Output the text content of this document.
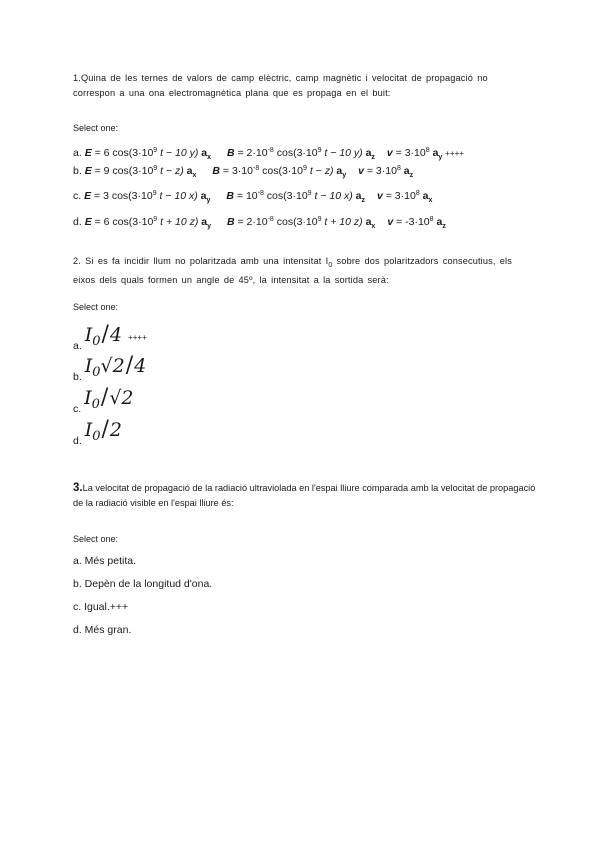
1.Quina de les ternes de valors de camp elèctric, camp magnètic i velocitat de propagació no correspon a una ona electromagnètica plana que es propaga en el buit:
Select one:
a. E = 6 $\cos(3\cdot 10^9$ t − 10 y) $a_x$ $B = 2\cdot 10^{-8}$ $\cos(3\cdot 10^9$ t − 10 y) $a_z$ $v = 3\cdot 10^8$ $a_y$ ++++
b. E = 9 $\cos(3\cdot 10^9$ t − z) $a_x$ $B = 3\cdot 10^{-8}$ $\cos(3\cdot 10^9$ t − z) $a_y$ $v = 3\cdot 10^8$ $a_z$
c. E = 3 $\cos(3\cdot 10^9$ t − 10 x) $a_y$ $B = 10^{-8}$ $\cos(3\cdot 10^9$ t − 10 x) $a_z$ $v = 3\cdot 10^8$ $a_x$
d. E = 6 $\cos(3\cdot 10^9$ t + 10 z) $a_y$ $B = 2\cdot 10^{-8}$ $\cos(3\cdot 10^9$ t + 10 z) $a_x$ $v = -3\cdot 10^8$ $a_z$
2. Si es fa incidir llum no polaritzada amb una intensitat $I_0$ sobre dos polaritzadors consecutius, els eixos dels quals formen un angle de 45º, la intensitat a la sortida serà:
Select one:
a. $I_0/4$ ++++
b. $I_0√2/4$
c. $I_0/√2$
d. $I_0/2$
3.La velocitat de propagació de la radiació ultraviolada en l'espai lliure comparada amb la velocitat de propagació de la radiació visible en l'espai lliure és:
Select one:
a. Més petita.
b. Depèn de la longitud d'ona.
c. Igual.+++
d. Més gran.
